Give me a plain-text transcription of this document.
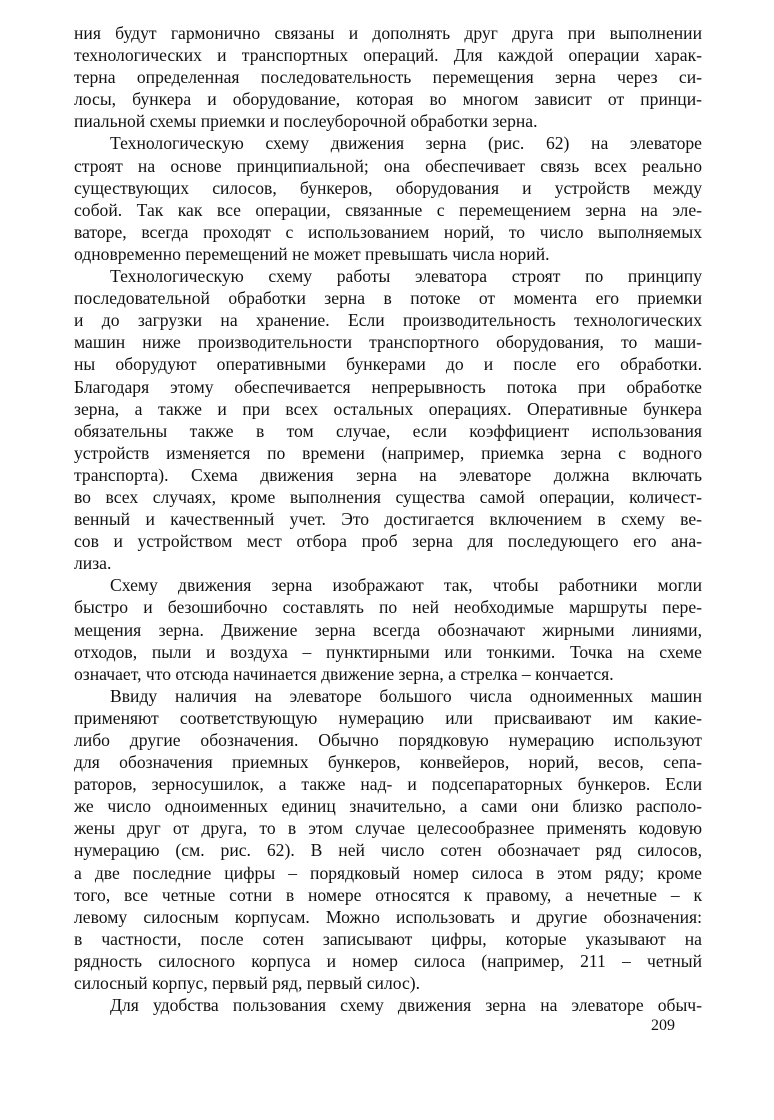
ния будут гармонично связаны и дополнять друг друга при выполнении
технологических и транспортных операций. Для каждой операции харак-
терна определенная последовательность перемещения зерна через си-
лосы, бункера и оборудование, которая во многом зависит от принци-
пиальной схемы приемки и послеуборочной обработки зерна.
Технологическую схему движения зерна (рис. 62) на элеваторе
строят на основе принципиальной; она обеспечивает связь всех реально
существующих силосов, бункеров, оборудования и устройств между
собой. Так как все операции, связанные с перемещением зерна на эле-
ваторе, всегда проходят с использованием норий, то число выполняемых
одновременно перемещений не может превышать числа норий.
Технологическую схему работы элеватора строят по принципу
последовательной обработки зерна в потоке от момента его приемки
и до загрузки на хранение. Если производительность технологических
машин ниже производительности транспортного оборудования, то маши-
ны оборудуют оперативными бункерами до и после его обработки.
Благодаря этому обеспечивается непрерывность потока при обработке
зерна, а также и при всех остальных операциях. Оперативные бункера
обязательны также в том случае, если коэффициент использования
устройств изменяется по времени (например, приемка зерна с водного
транспорта). Схема движения зерна на элеваторе должна включать
во всех случаях, кроме выполнения существа самой операции, количест-
венный и качественный учет. Это достигается включением в схему ве-
сов и устройством мест отбора проб зерна для последующего его ана-
лиза.
Схему движения зерна изображают так, чтобы работники могли
быстро и безошибочно составлять по ней необходимые маршруты пере-
мещения зерна. Движение зерна всегда обозначают жирными линиями,
отходов, пыли и воздуха – пунктирными или тонкими. Точка на схеме
означает, что отсюда начинается движение зерна, а стрелка – кончается.
Ввиду наличия на элеваторе большого числа одноименных машин
применяют соответствующую нумерацию или присваивают им какие-
либо другие обозначения. Обычно порядковую нумерацию используют
для обозначения приемных бункеров, конвейеров, норий, весов, сепа-
раторов, зерносушилок, а также над- и подсепараторных бункеров. Если
же число одноименных единиц значительно, а сами они близко располо-
жены друг от друга, то в этом случае целесообразнее применять кодовую
нумерацию (см. рис. 62). В ней число сотен обозначает ряд силосов,
а две последние цифры – порядковый номер силоса в этом ряду; кроме
того, все четные сотни в номере относятся к правому, а нечетные – к
левому силосным корпусам. Можно использовать и другие обозначения:
в частности, после сотен записывают цифры, которые указывают на
рядность силосного корпуса и номер силоса (например, 211 – четный
силосный корпус, первый ряд, первый силос).
Для удобства пользования схему движения зерна на элеваторе обыч-
209
